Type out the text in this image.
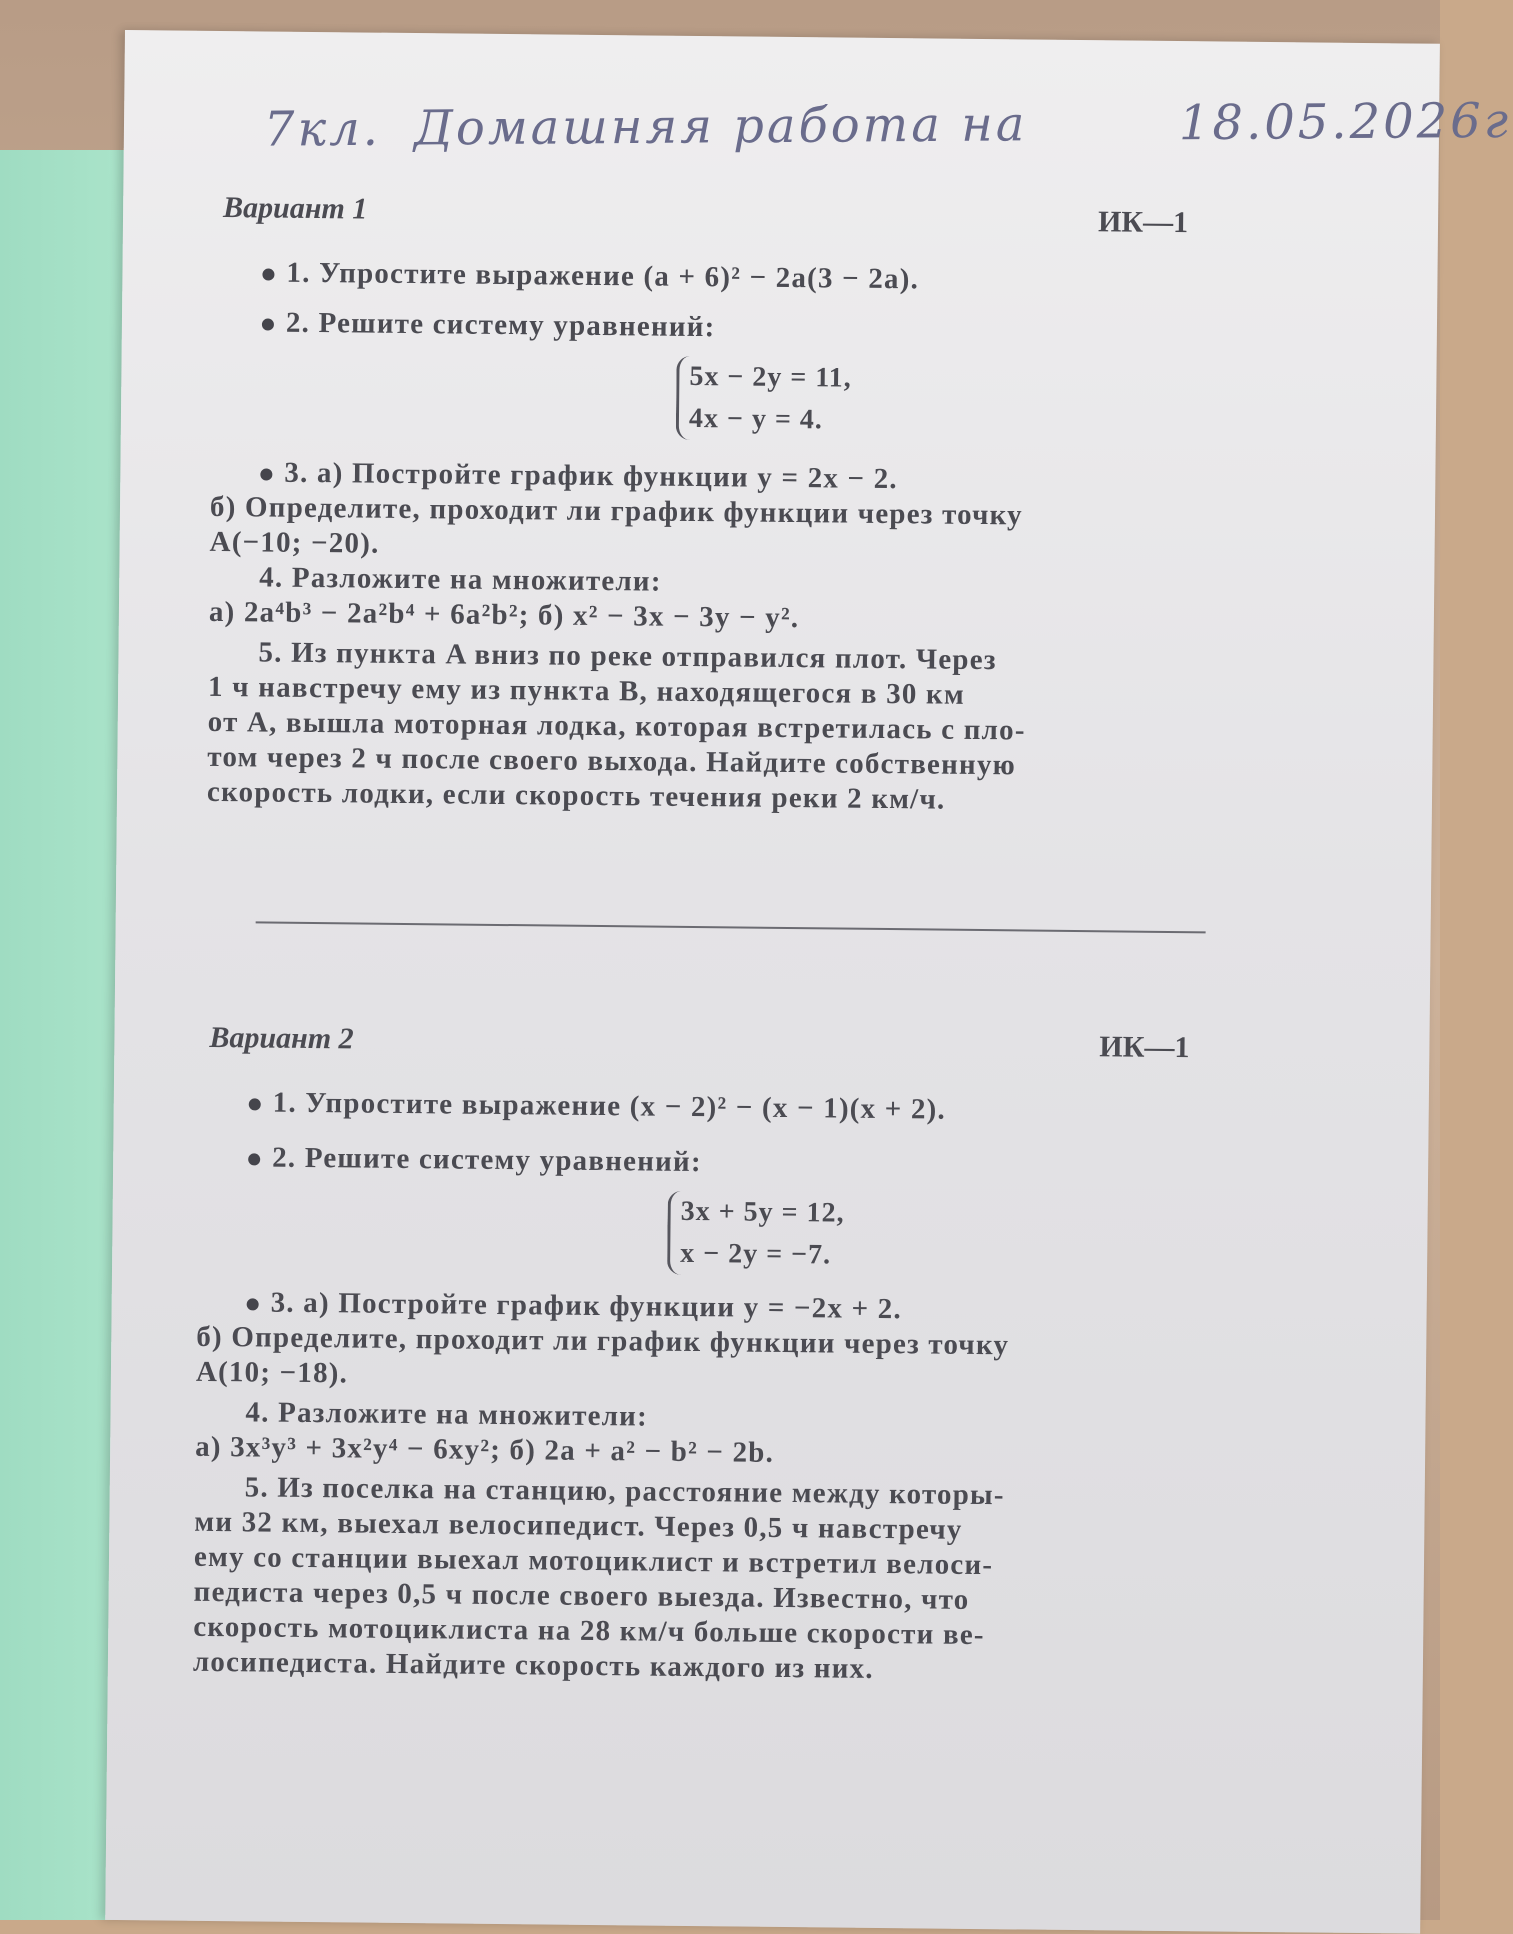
7кл. Домашняя работа на	18.05.2026г
Вариант 1	ИК—1
1. Упростите выражение (a + 6)² − 2a(3 − 2a).
2. Решите систему уравнений:
5x − 2y = 11,
4x − y = 4.
3. а) Постройте график функции y = 2x − 2.
б) Определите, проходит ли график функции через точку
A(−10; −20).
4. Разложите на множители:
а) 2a⁴b³ − 2a²b⁴ + 6a²b²; б) x² − 3x − 3y − y².
5. Из пункта A вниз по реке отправился плот. Через
1 ч навстречу ему из пункта B, находящегося в 30 км
от A, вышла моторная лодка, которая встретилась с пло-
том через 2 ч после своего выхода. Найдите собственную
скорость лодки, если скорость течения реки 2 км/ч.
Вариант 2	ИК—1
1. Упростите выражение (x − 2)² − (x − 1)(x + 2).
2. Решите систему уравнений:
3x + 5y = 12,
x − 2y = −7.
3. а) Постройте график функции y = −2x + 2.
б) Определите, проходит ли график функции через точку
A(10; −18).
4. Разложите на множители:
а) 3x³y³ + 3x²y⁴ − 6xy²; б) 2a + a² − b² − 2b.
5. Из поселка на станцию, расстояние между которы-
ми 32 км, выехал велосипедист. Через 0,5 ч навстречу
ему со станции выехал мотоциклист и встретил велоси-
педиста через 0,5 ч после своего выезда. Известно, что
скорость мотоциклиста на 28 км/ч больше скорости ве-
лосипедиста. Найдите скорость каждого из них.
